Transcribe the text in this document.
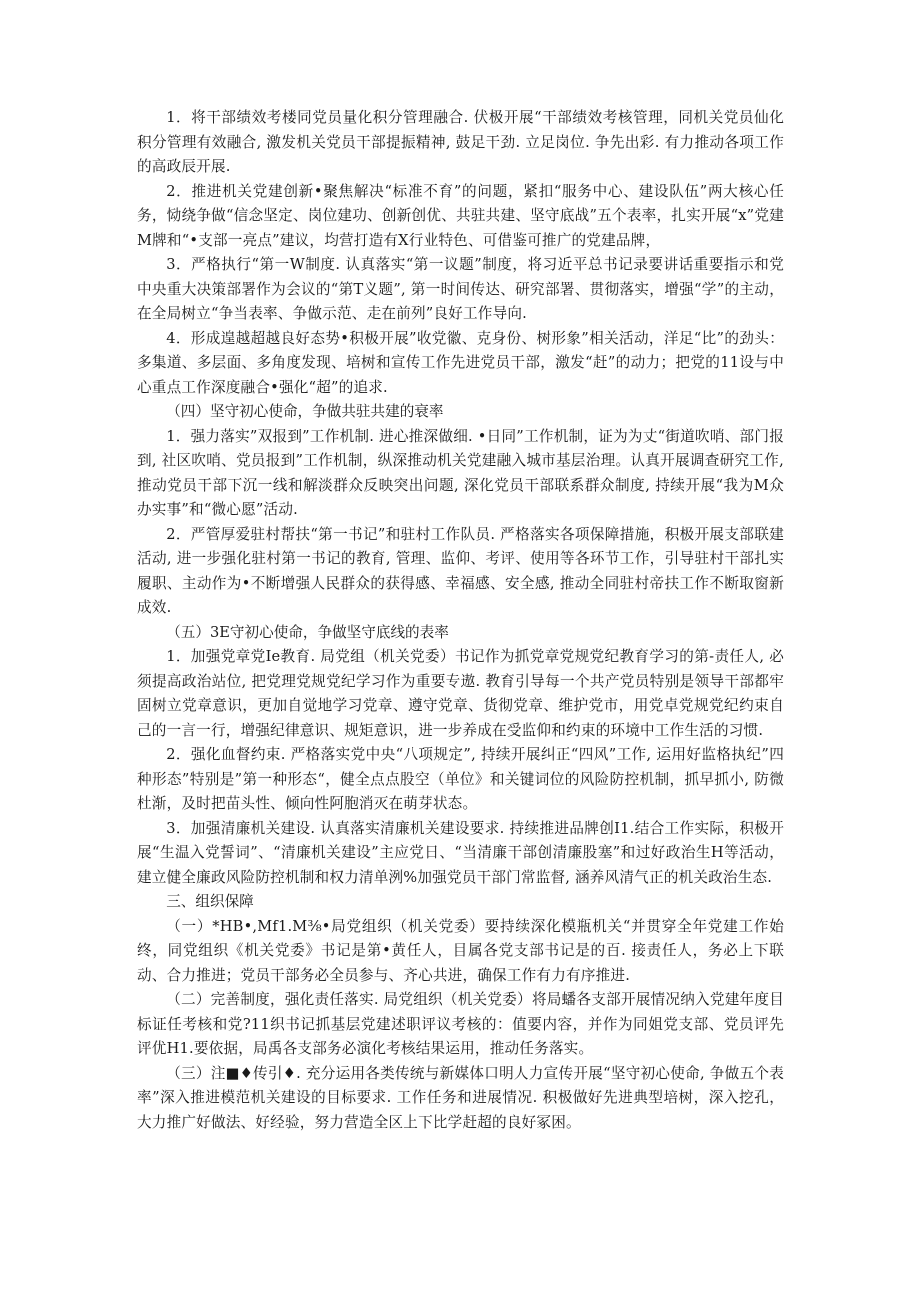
1．将干部绩效考楼同党员量化积分管理融合. 伏极开展“干部绩效考核管理，同机关党员仙化积分管理有效融合, 激发机关党员干部提振精神, 鼓足干劲. 立足岗位. 争先出彩. 有力推动各项工作的高政辰开展.

2．推进机关党建创新•聚焦解决“标准不育”的问题，紧扣“服务中心、建设队伍”两大核心任务，恸绕争做“信念坚定、岗位建功、创新创优、共驻共建、坚守底战”五个表率，扎实开展“x”党建M牌和“•支部一亮点”建议，均营打造有X行业特色、可借鉴可推广的党建品牌，

3．严格执行“第一W制度. 认真落实“第一议题”制度，将习近平总书记录要讲话重要指示和党中央重大决策部署作为会议的“第T义题”, 第一时间传达、研究部署、贯彻落实，增强“学”的主动，在全局树立“争当表率、争做示范、走在前列”良好工作导向.

4．形成遑越超越良好态势•积极开展”收党徽、克身份、树形象”相关活动，洋足“比”的劲头：多集道、多层面、多角度发现、培树和宣传工作先进党员干部，激发“赶”的动力；把党的11设与中心重点工作深度融合•强化“超”的追求.

（四）坚守初心使命，争做共驻共建的衰率

1．强力落实”双报到”工作机制. 进心推深做细. •日同”工作机制，证为为丈“街道吹哨、部门报到, 社区吹哨、党员报到”工作机制，纵深推动机关党建融入城市基层治理。认真开展调查研究工作, 推动党员干部下沉一线和解淡群众反映突出问题, 深化党员干部联系群众制度, 持续开展“我为M众办实事”和“微心愿”活动.

2．严管厚爱驻村帮扶“第一书记”和驻村工作队员. 严格落实各项保障措施，积极开展支部联建活动, 进一步强化驻村第一书记的教育, 管理、监仰、考评、使用等各环节工作，引导驻村干部扎实履职、主动作为•不断增强人民群众的获得感、幸福感、安全感, 推动全同驻村帝扶工作不断取窗新成效.

（五）3E守初心使命，争做坚守底线的表率

1．加强党章党Ie教育. 局党组（机关党委）书记作为抓党章党规党纪教育学习的第-责任人, 必须提高政治站位, 把党理党规党纪学习作为重要专遨. 教育引导每一个共产党员特别是领导干部都牢固树立党章意识，更加自觉地学习党章、遵守党章、货彻党章、维护党市，用党卓党规党纪约束自己的一言一行，增强纪律意识、规矩意识，进一步养成在受监仰和约束的环境中工作生活的习惯.

2．强化血督约束. 严格落实党中央“八项规定”, 持续开展纠正“四风”工作, 运用好监格执纪”四种形态”特别是”第一种形态“，健全点点股空（单位》和关键词位的风险防控机制，抓早抓小, 防微杜渐，及时把苗头性、倾向性阿胞消灭在萌芽状态。

3．加强清廉机关建设. 认真落实清廉机关建设要求. 持续推进品牌创I1.结合工作实际，积极开展“生温入党誓词”、“清廉机关建设”主应党日、“当清廉干部创清廉股塞”和过好政治生H等活动，建立健全廉政风险防控机制和权力清单洌%加强党员干部门常监督, 涵养风清气正的机关政治生态.

三、组织保障

（一）*HB•,Mf1.M⅜•局党组织（机关党委）要持续深化模瓶机关“并贯穿全年党建工作始终，同党组织《机关党委》书记是第•黄任人，目属各党支部书记是的百. 接责任人，务必上下联动、合力推进；党员干部务必全员参与、齐心共进，确保工作有力有序推进.

（二）完善制度，强化责任落实. 局党组织（机关党委）将局蟠各支部开展情况纳入党建年度目标证任考核和党?11织书记抓基层党建述职评议考核的：值要内容，并作为同姐党支部、党员评先评优H1.要依据，局禹各支部务必演化考核结果运用，推动任务落实。

（三）注■♦传引♦. 充分运用各类传统与新媒体口明人力宣传开展“坚守初心使命, 争做五个表率”深入推进模范机关建设的目标要求. 工作任务和进展情况. 积极做好先进典型培树，深入挖孔，大力推广好做法、好经验，努力营造全区上下比学赶超的良好冢困。
